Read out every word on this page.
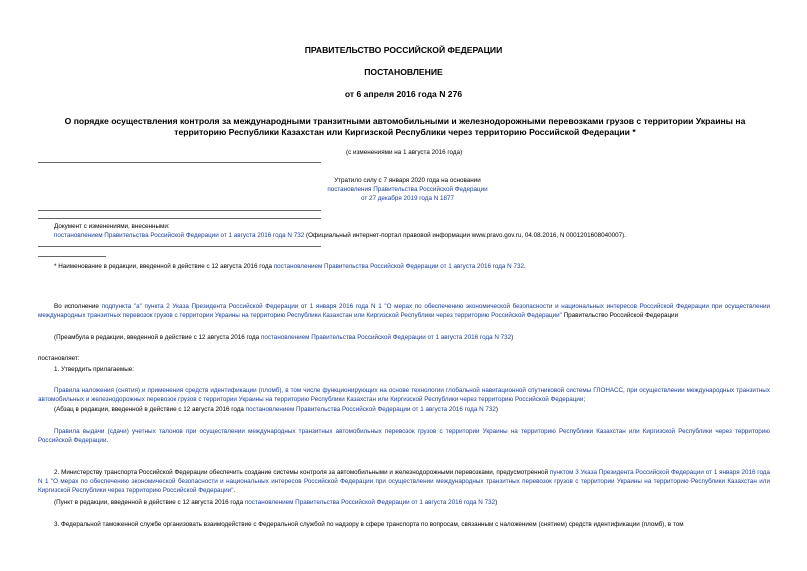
ПРАВИТЕЛЬСТВО РОССИЙСКОЙ ФЕДЕРАЦИИ
ПОСТАНОВЛЕНИЕ
от 6 апреля 2016 года N 276
О порядке осуществления контроля за международными транзитными автомобильными и железнодорожными перевозками грузов с территории Украины на
территорию Республики Казахстан или Киргизской Республики через территорию Российской Федерации *
(с изменениями на 1 августа 2016 года)
Утратило силу с 7 января 2020 года на основании
постановления Правительства Российской Федерации
от 27 декабря 2019 года N 1877
Документ с изменениями, внесенными:
постановлением Правительства Российской Федерации от 1 августа 2016 года N 732 (Официальный интернет-портал правовой информации www.pravo.gov.ru, 04.08.2016, N 0001201608040007).
* Наименование в редакции, введенной в действие с 12 августа 2016 года постановлением Правительства Российской Федерации от 1 августа 2016 года N 732.
Во исполнение подпункта "а" пункта 2 Указа Президента Российской Федерации от 1 января 2016 года N 1 "О мерах по обеспечению экономической безопасности и национальных интересов Российской Федерации при осуществлении международных транзитных перевозок грузов с территории Украины на территорию Республики Казахстан или Киргизской Республики через территорию Российской Федерации" Правительство Российской Федерации
(Преамбула в редакции, введенной в действие с 12 августа 2016 года постановлением Правительства Российской Федерации от 1 августа 2016 года N 732)
постановляет:
1. Утвердить прилагаемые:
Правила наложения (снятия) и применения средств идентификации (пломб), в том числе функционирующих на основе технологии глобальной навигационной спутниковой системы ГЛОНАСС, при осуществлении международных транзитных автомобильных и железнодорожных перевозок грузов с территории Украины на территорию Республики Казахстан или Киргизской Республики через территорию Российской Федерации;
(Абзац в редакции, введенной в действие с 12 августа 2016 года постановлением Правительства Российской Федерации от 1 августа 2016 года N 732)
Правила выдачи (сдачи) учетных талонов при осуществлении международных транзитных автомобильных перевозок грузов с территории Украины на территорию Республики Казахстан или Киргизской Республики через территорию Российской Федерации.
2. Министерству транспорта Российской Федерации обеспечить создание системы контроля за автомобильными и железнодорожными перевозками, предусмотренной пунктом 3 Указа Президента Российской Федерации от 1 января 2016 года N 1 "О мерах по обеспечению экономической безопасности и национальных интересов Российской Федерации при осуществлении международных транзитных перевозок грузов с территории Украины на территорию Республики Казахстан или Киргизской Республики через территорию Российской Федерации".
(Пункт в редакции, введенной в действие с 12 августа 2016 года постановлением Правительства Российской Федерации от 1 августа 2016 года N 732)
3. Федеральной таможенной службе организовать взаимодействие с Федеральной службой по надзору в сфере транспорта по вопросам, связанным с наложением (снятием) средств идентификации (пломб), в том
